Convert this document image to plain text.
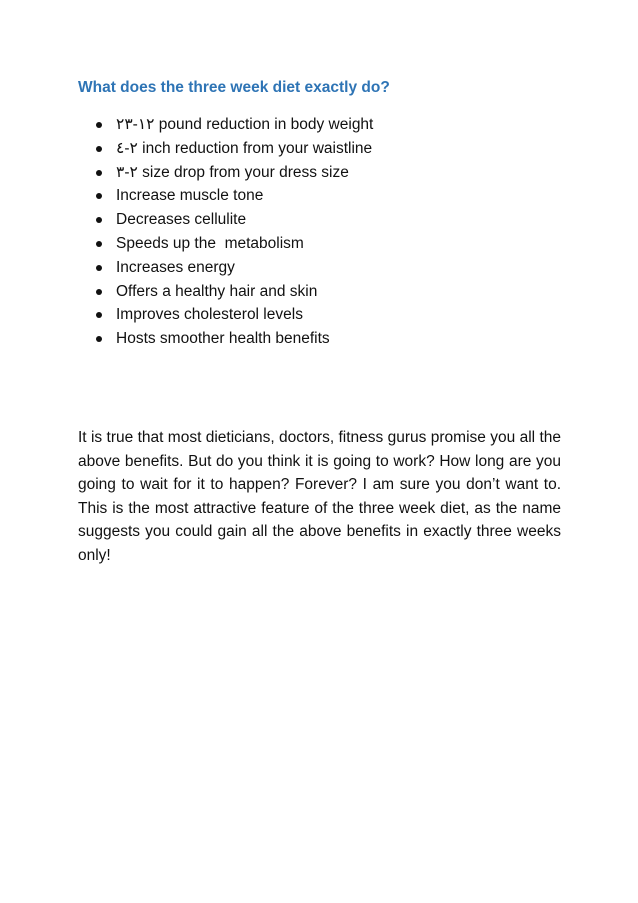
What does the three week diet exactly do?
١٢-٢٣ pound reduction in body weight
٢-٤ inch reduction from your waistline
٢-٣ size drop from your dress size
Increase muscle tone
Decreases cellulite
Speeds up the  metabolism
Increases energy
Offers a healthy hair and skin
Improves cholesterol levels
Hosts smoother health benefits

It is true that most dieticians, doctors, fitness gurus promise you all the above benefits. But do you think it is going to work? How long are you going to wait for it to happen? Forever? I am sure you don’t want to. This is the most attractive feature of the three week diet, as the name suggests you could gain all the above benefits in exactly three weeks only!
